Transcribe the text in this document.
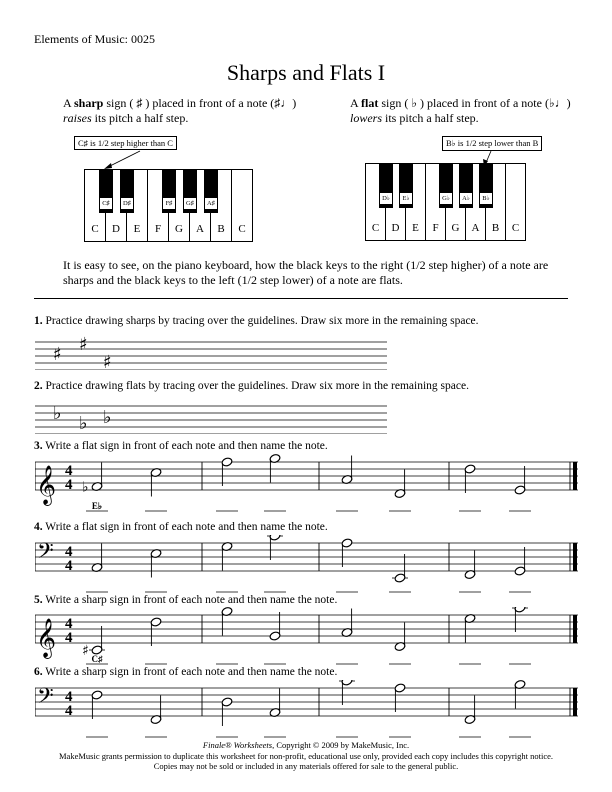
Elements of Music: 0025
Sharps and Flats I
A sharp sign ( ♯ ) placed in front of a note (♯♩)
raises its pitch a half step.
A flat sign ( ♭ ) placed in front of a note (♭♩)
lowers its pitch a half step.
C♯ is 1/2 step higher than C	B♭ is 1/2 step lower than B
C	D	E	F	G	A	B	C
C♯	D♯	F♯	G♯	A♯
C	D	E	F	G	A	B	C
D♭	E♭	G♭	A♭	B♭
It is easy to see, on the piano keyboard, how the black keys to the right (1/2 step higher) of a note are sharps and the black keys to the left (1/2 step lower) of a note are flats.
1. Practice drawing sharps by tracing over the guidelines. Draw six more in the remaining space.
♯ ♯
♯
2. Practice drawing flats by tracing over the guidelines. Draw six more in the remaining space.
♭ ♭ ♭
3. Write a flat sign in front of each note and then name the note.
𝄞 4
4 ♭
E♭
4. Write a flat sign in front of each note and then name the note.
𝄢 4
4
5. Write a sharp sign in front of each note and then name the note.
𝄞 4
4
♯ C♯
6. Write a sharp sign in front of each note and then name the note.
𝄢 4
4
Finale® Worksheets, Copyright © 2009 by MakeMusic, Inc.
MakeMusic grants permission to duplicate this worksheet for non-profit, educational use only, provided each copy includes this copyright notice.
Copies may not be sold or included in any materials offered for sale to the general public.
